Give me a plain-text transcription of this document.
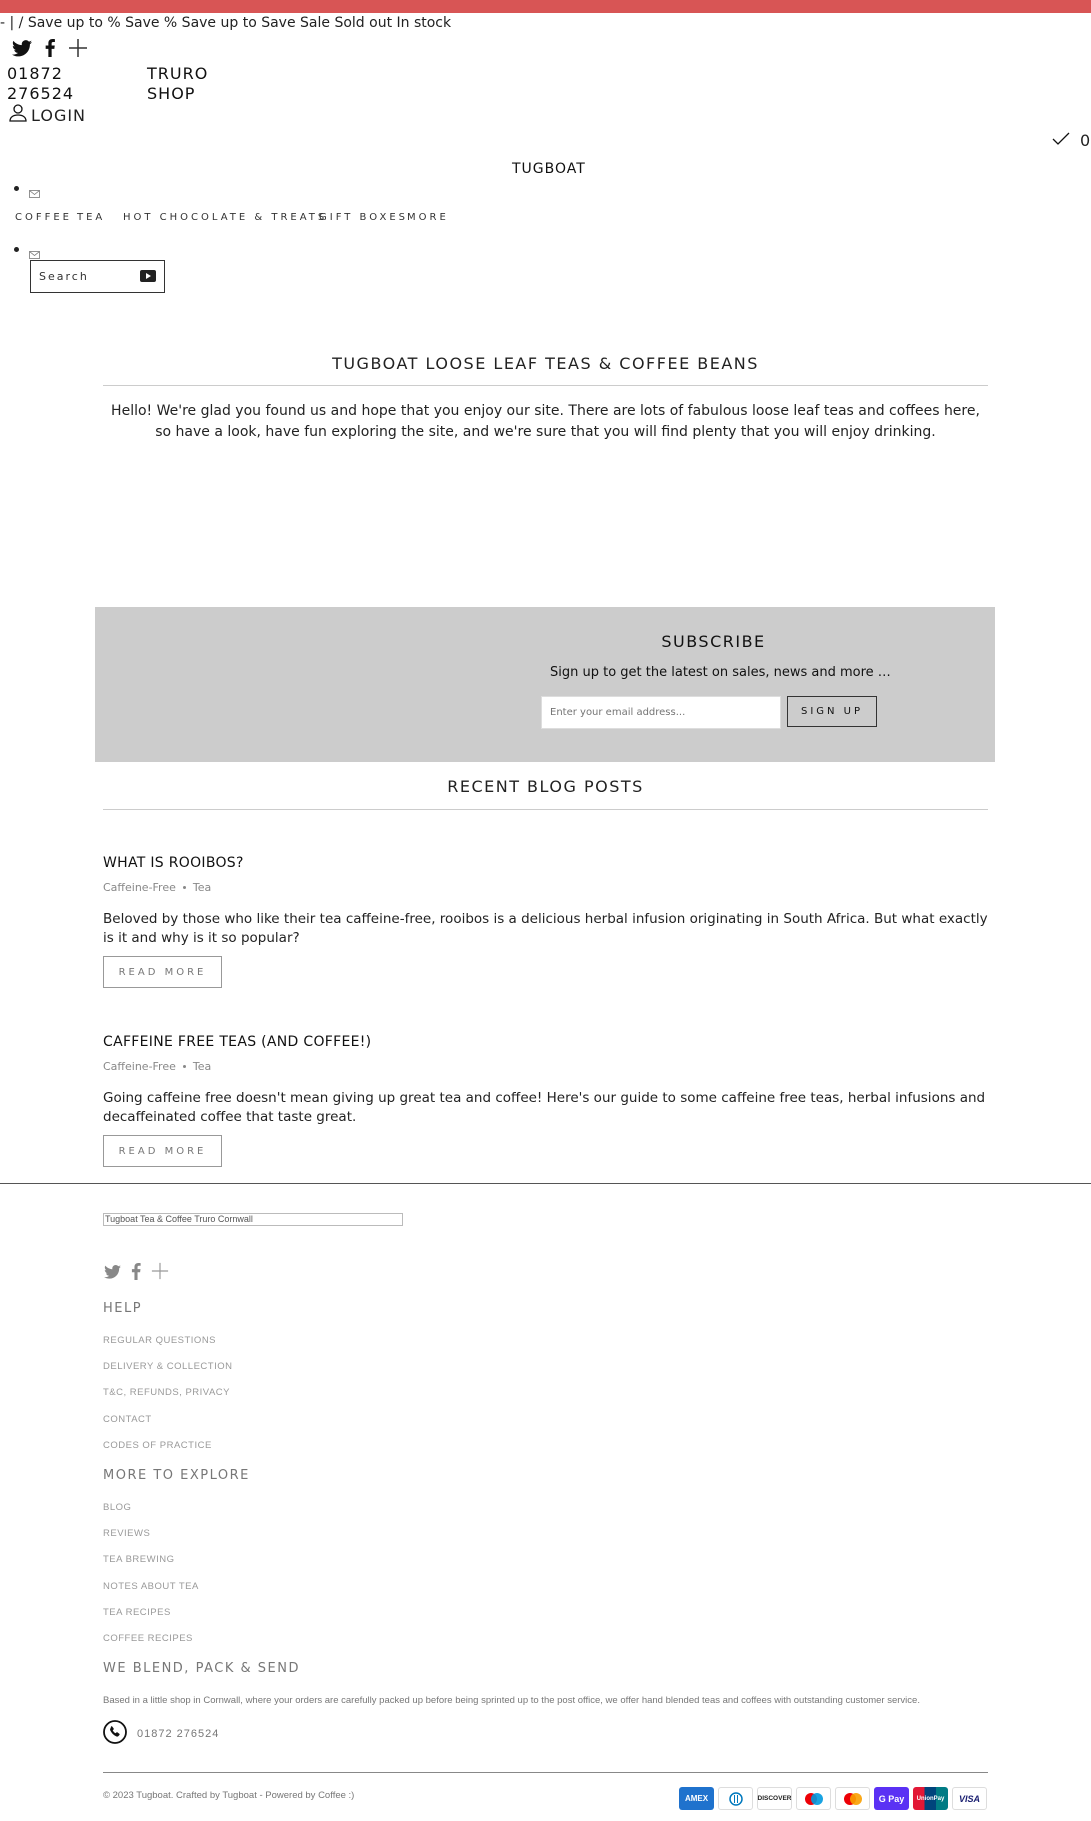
- | / Save up to % Save % Save up to Save Sale Sold out In stock
01872 276524
TRURO SHOP
LOGIN
0
TUGBOAT
COFFEE TEA	HOT CHOCOLATE & TREATS
GIFT BOXES MORE
Search
TUGBOAT LOOSE LEAF TEAS & COFFEE BEANS
Hello! We're glad you found us and hope that you enjoy our site. There are lots of fabulous loose leaf teas and coffees here, so have a look, have fun exploring the site, and we're sure that you will find plenty that you will enjoy drinking.
SUBSCRIBE
Sign up to get the latest on sales, news and more …
Enter your email address...
SIGN UP
RECENT BLOG POSTS
WHAT IS ROOIBOS?
Caffeine-Free Tea
Beloved by those who like their tea caffeine-free, rooibos is a delicious herbal infusion originating in South Africa. But what exactly is it and why is it so popular?
READ MORE
CAFFEINE FREE TEAS (AND COFFEE!)
Caffeine-Free Tea
Going caffeine free doesn't mean giving up great tea and coffee! Here's our guide to some caffeine free teas, herbal infusions and decaffeinated coffee that taste great.
READ MORE
Tugboat Tea & Coffee Truro Cornwall
HELP
REGULAR QUESTIONS
DELIVERY & COLLECTION
T&C, REFUNDS, PRIVACY
CONTACT
CODES OF PRACTICE
MORE TO EXPLORE
BLOG
REVIEWS
TEA BREWING
NOTES ABOUT TEA
TEA RECIPES
COFFEE RECIPES
WE BLEND, PACK & SEND
Based in a little shop in Cornwall, where your orders are carefully packed up before being sprinted up to the post office, we offer hand blended teas and coffees with outstanding customer service.
01872 276524
© 2023 Tugboat. Crafted by Tugboat - Powered by Coffee :)	AMEX	DISCOVER	G Pay	UnionPay	VISA
